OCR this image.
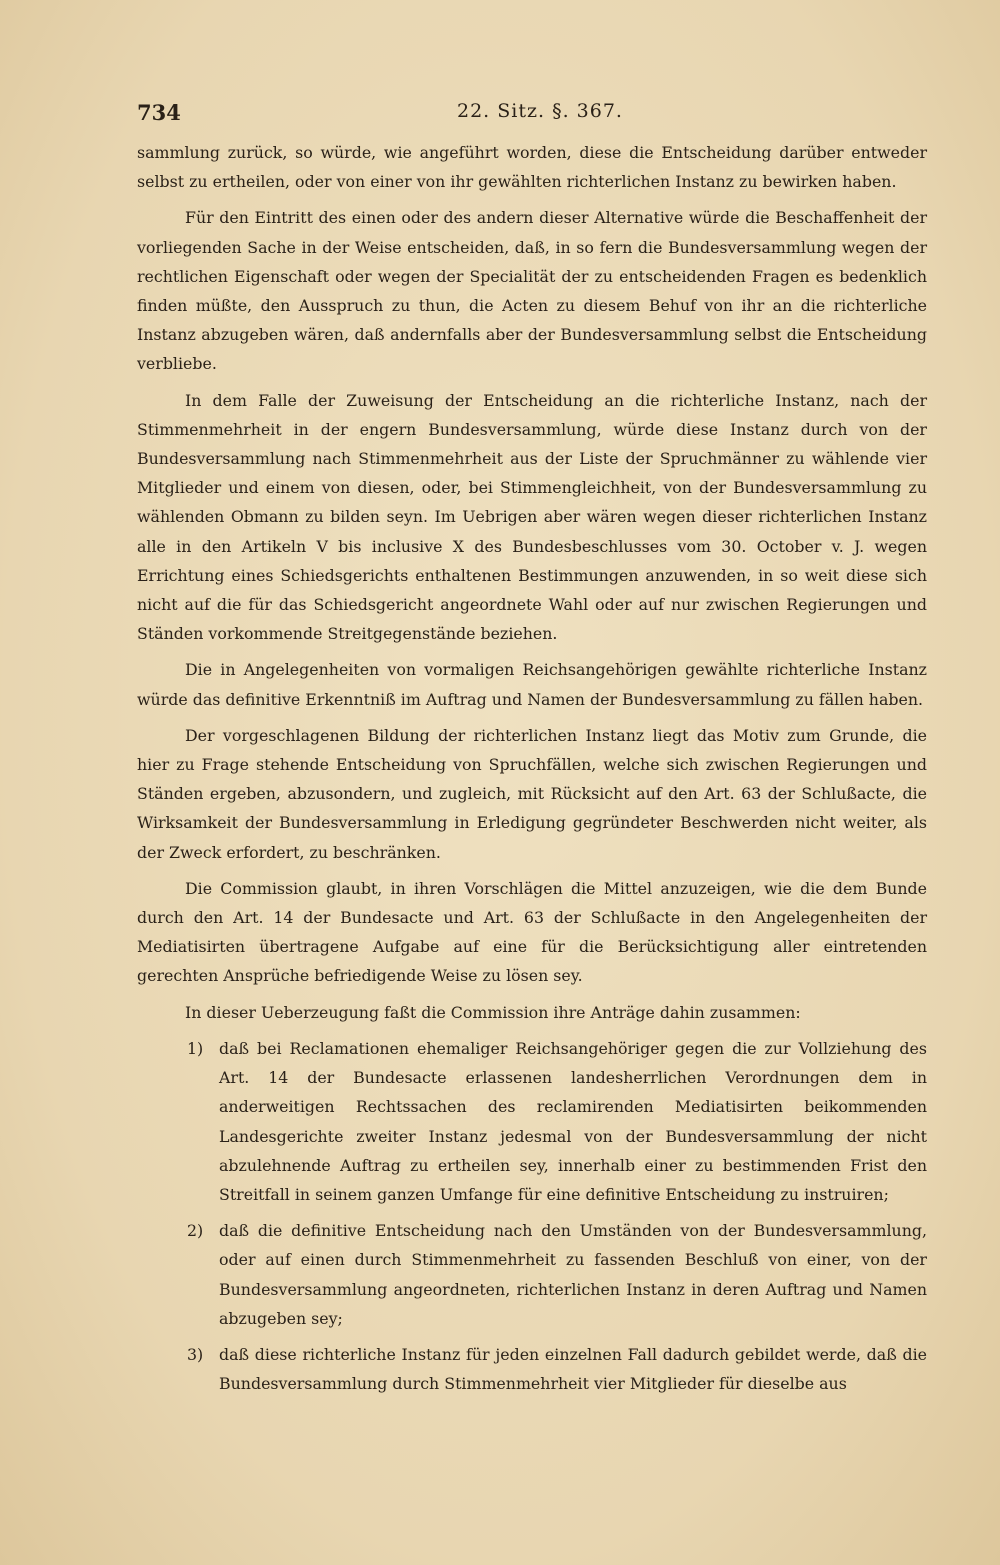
734	22. Sitz. §. 367.

sammlung zurück, so würde, wie angeführt worden, diese die Entscheidung darüber entweder selbst zu ertheilen, oder von einer von ihr gewählten richterlichen Instanz zu bewirken haben.

Für den Eintritt des einen oder des andern dieser Alternative würde die Beschaffenheit der vorliegenden Sache in der Weise entscheiden, daß, in so fern die Bundesversammlung wegen der rechtlichen Eigenschaft oder wegen der Specialität der zu entscheidenden Fragen es bedenklich finden müßte, den Ausspruch zu thun, die Acten zu diesem Behuf von ihr an die richterliche Instanz abzugeben wären, daß andernfalls aber der Bundesversammlung selbst die Entscheidung verbliebe.

In dem Falle der Zuweisung der Entscheidung an die richterliche Instanz, nach der Stimmenmehrheit in der engern Bundesversammlung, würde diese Instanz durch von der Bundesversammlung nach Stimmenmehrheit aus der Liste der Spruchmänner zu wählende vier Mitglieder und einem von diesen, oder, bei Stimmengleichheit, von der Bundesversammlung zu wählenden Obmann zu bilden seyn. Im Uebrigen aber wären wegen dieser richterlichen Instanz alle in den Artikeln V bis inclusive X des Bundesbeschlusses vom 30. October v. J. wegen Errichtung eines Schiedsgerichts enthaltenen Bestimmungen anzuwenden, in so weit diese sich nicht auf die für das Schiedsgericht angeordnete Wahl oder auf nur zwischen Regierungen und Ständen vorkommende Streitgegenstände beziehen.

Die in Angelegenheiten von vormaligen Reichsangehörigen gewählte richterliche Instanz würde das definitive Erkenntniß im Auftrag und Namen der Bundesversammlung zu fällen haben.

Der vorgeschlagenen Bildung der richterlichen Instanz liegt das Motiv zum Grunde, die hier zu Frage stehende Entscheidung von Spruchfällen, welche sich zwischen Regierungen und Ständen ergeben, abzusondern, und zugleich, mit Rücksicht auf den Art. 63 der Schlußacte, die Wirksamkeit der Bundesversammlung in Erledigung gegründeter Beschwerden nicht weiter, als der Zweck erfordert, zu beschränken.

Die Commission glaubt, in ihren Vorschlägen die Mittel anzuzeigen, wie die dem Bunde durch den Art. 14 der Bundesacte und Art. 63 der Schlußacte in den Angelegenheiten der Mediatisirten übertragene Aufgabe auf eine für die Berücksichtigung aller eintretenden gerechten Ansprüche befriedigende Weise zu lösen sey.

In dieser Ueberzeugung faßt die Commission ihre Anträge dahin zusammen:

1) daß bei Reclamationen ehemaliger Reichsangehöriger gegen die zur Vollziehung des Art. 14 der Bundesacte erlassenen landesherrlichen Verordnungen dem in anderweitigen Rechtssachen des reclamirenden Mediatisirten beikommenden Landesgerichte zweiter Instanz jedesmal von der Bundesversammlung der nicht abzulehnende Auftrag zu ertheilen sey, innerhalb einer zu bestimmenden Frist den Streitfall in seinem ganzen Umfange für eine definitive Entscheidung zu instruiren;
2) daß die definitive Entscheidung nach den Umständen von der Bundesversammlung, oder auf einen durch Stimmenmehrheit zu fassenden Beschluß von einer, von der Bundesversammlung angeordneten, richterlichen Instanz in deren Auftrag und Namen abzugeben sey;
3) daß diese richterliche Instanz für jeden einzelnen Fall dadurch gebildet werde, daß die Bundesversammlung durch Stimmenmehrheit vier Mitglieder für dieselbe aus
